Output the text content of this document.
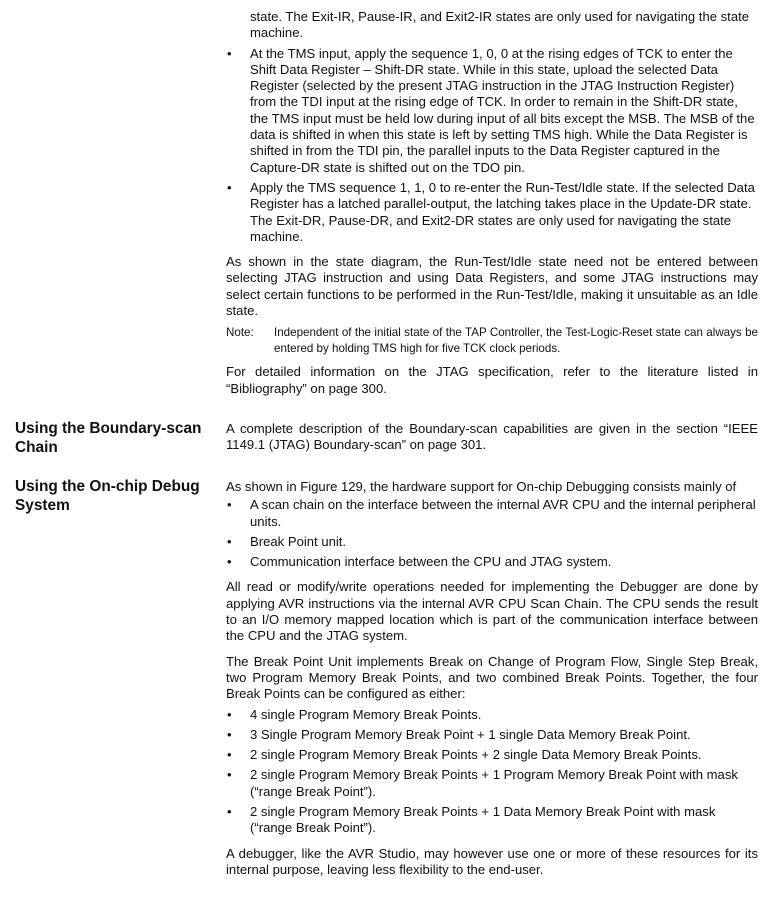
state. The Exit-IR, Pause-IR, and Exit2-IR states are only used for navigating the state machine.
• At the TMS input, apply the sequence 1, 0, 0 at the rising edges of TCK to enter the Shift Data Register – Shift-DR state. While in this state, upload the selected Data Register (selected by the present JTAG instruction in the JTAG Instruction Register) from the TDI input at the rising edge of TCK. In order to remain in the Shift-DR state, the TMS input must be held low during input of all bits except the MSB. The MSB of the data is shifted in when this state is left by setting TMS high. While the Data Register is shifted in from the TDI pin, the parallel inputs to the Data Register captured in the Capture-DR state is shifted out on the TDO pin.
• Apply the TMS sequence 1, 1, 0 to re-enter the Run-Test/Idle state. If the selected Data Register has a latched parallel-output, the latching takes place in the Update-DR state. The Exit-DR, Pause-DR, and Exit2-DR states are only used for navigating the state machine.

As shown in the state diagram, the Run-Test/Idle state need not be entered between selecting JTAG instruction and using Data Registers, and some JTAG instructions may select certain functions to be performed in the Run-Test/Idle, making it unsuitable as an Idle state.

Note: Independent of the initial state of the TAP Controller, the Test-Logic-Reset state can always be entered by holding TMS high for five TCK clock periods.

For detailed information on the JTAG specification, refer to the literature listed in “Bibliography” on page 300.

Using the Boundary-scan Chain

A complete description of the Boundary-scan capabilities are given in the section “IEEE 1149.1 (JTAG) Boundary-scan” on page 301.

Using the On-chip Debug System

As shown in Figure 129, the hardware support for On-chip Debugging consists mainly of

• A scan chain on the interface between the internal AVR CPU and the internal peripheral units.
• Break Point unit.
• Communication interface between the CPU and JTAG system.

All read or modify/write operations needed for implementing the Debugger are done by applying AVR instructions via the internal AVR CPU Scan Chain. The CPU sends the result to an I/O memory mapped location which is part of the communication interface between the CPU and the JTAG system.

The Break Point Unit implements Break on Change of Program Flow, Single Step Break, two Program Memory Break Points, and two combined Break Points. Together, the four Break Points can be configured as either:

• 4 single Program Memory Break Points.
• 3 Single Program Memory Break Point + 1 single Data Memory Break Point.
• 2 single Program Memory Break Points + 2 single Data Memory Break Points.
• 2 single Program Memory Break Points + 1 Program Memory Break Point with mask (“range Break Point”).
• 2 single Program Memory Break Points + 1 Data Memory Break Point with mask (“range Break Point”).

A debugger, like the AVR Studio, may however use one or more of these resources for its internal purpose, leaving less flexibility to the end-user.
